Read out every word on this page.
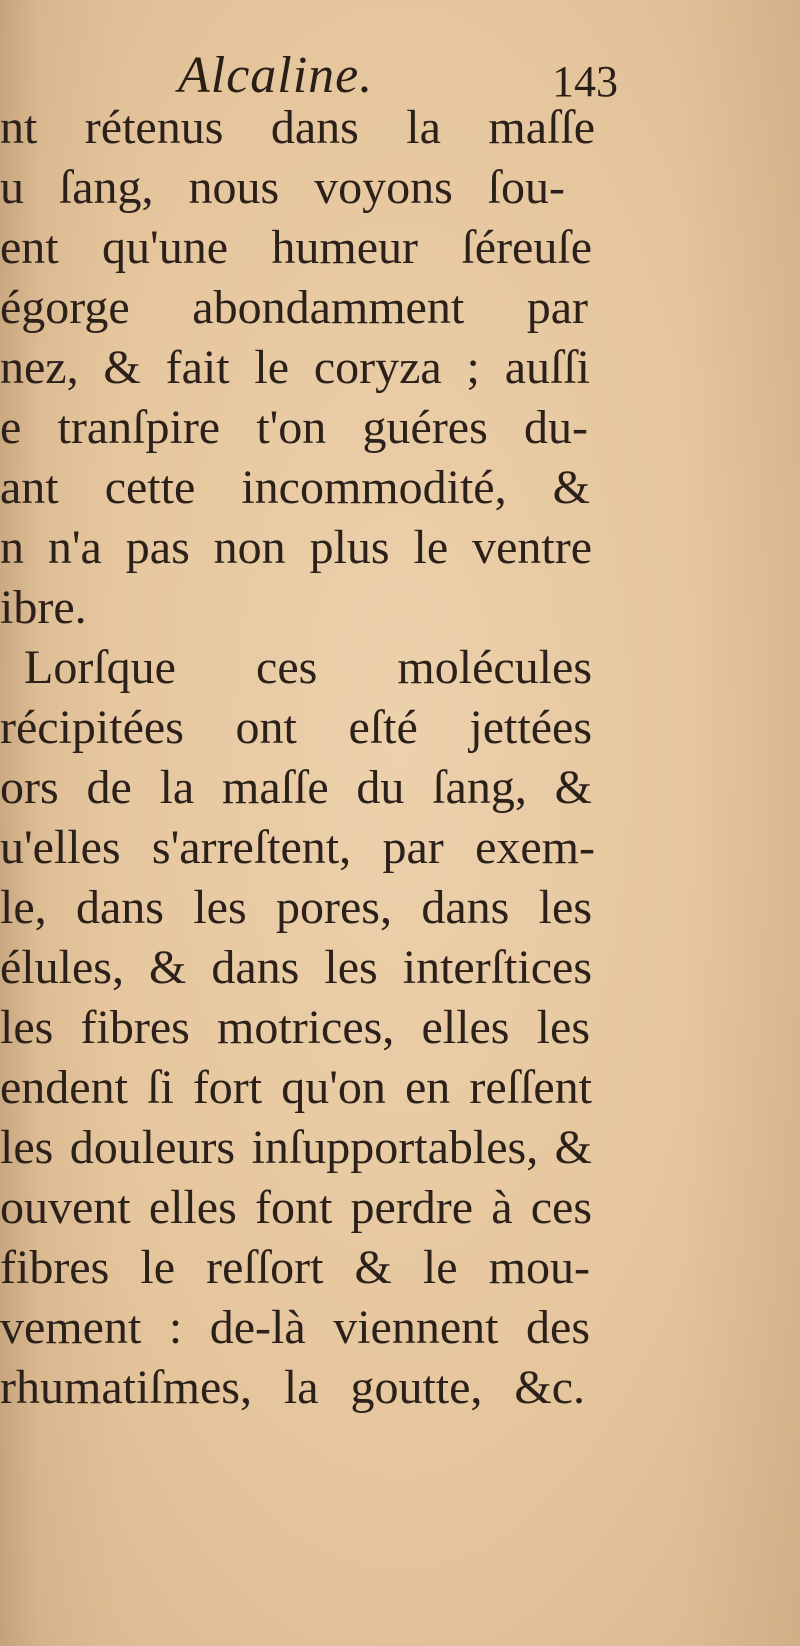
Alcaline.	143
nt rétenus dans la maſſe
u ſang, nous voyons ſou-
ent qu'une humeur ſéreuſe
égorge abondamment par
nez, & fait le coryza ; auſſi
e tranſpire t'on guéres du-
ant cette incommodité, &
n n'a pas non plus le ventre
ibre.
Lorſque ces molécules
récipitées ont eſté jettées
ors de la maſſe du ſang, &
u'elles s'arreſtent, par exem-
le, dans les pores, dans les
élules, & dans les interſtices
les fibres motrices, elles les
endent ſi fort qu'on en reſſent
les douleurs inſupportables, &
ouvent elles font perdre à ces
fibres le reſſort & le mou-
vement : de-là viennent des
rhumatiſmes, la goutte, &c.
